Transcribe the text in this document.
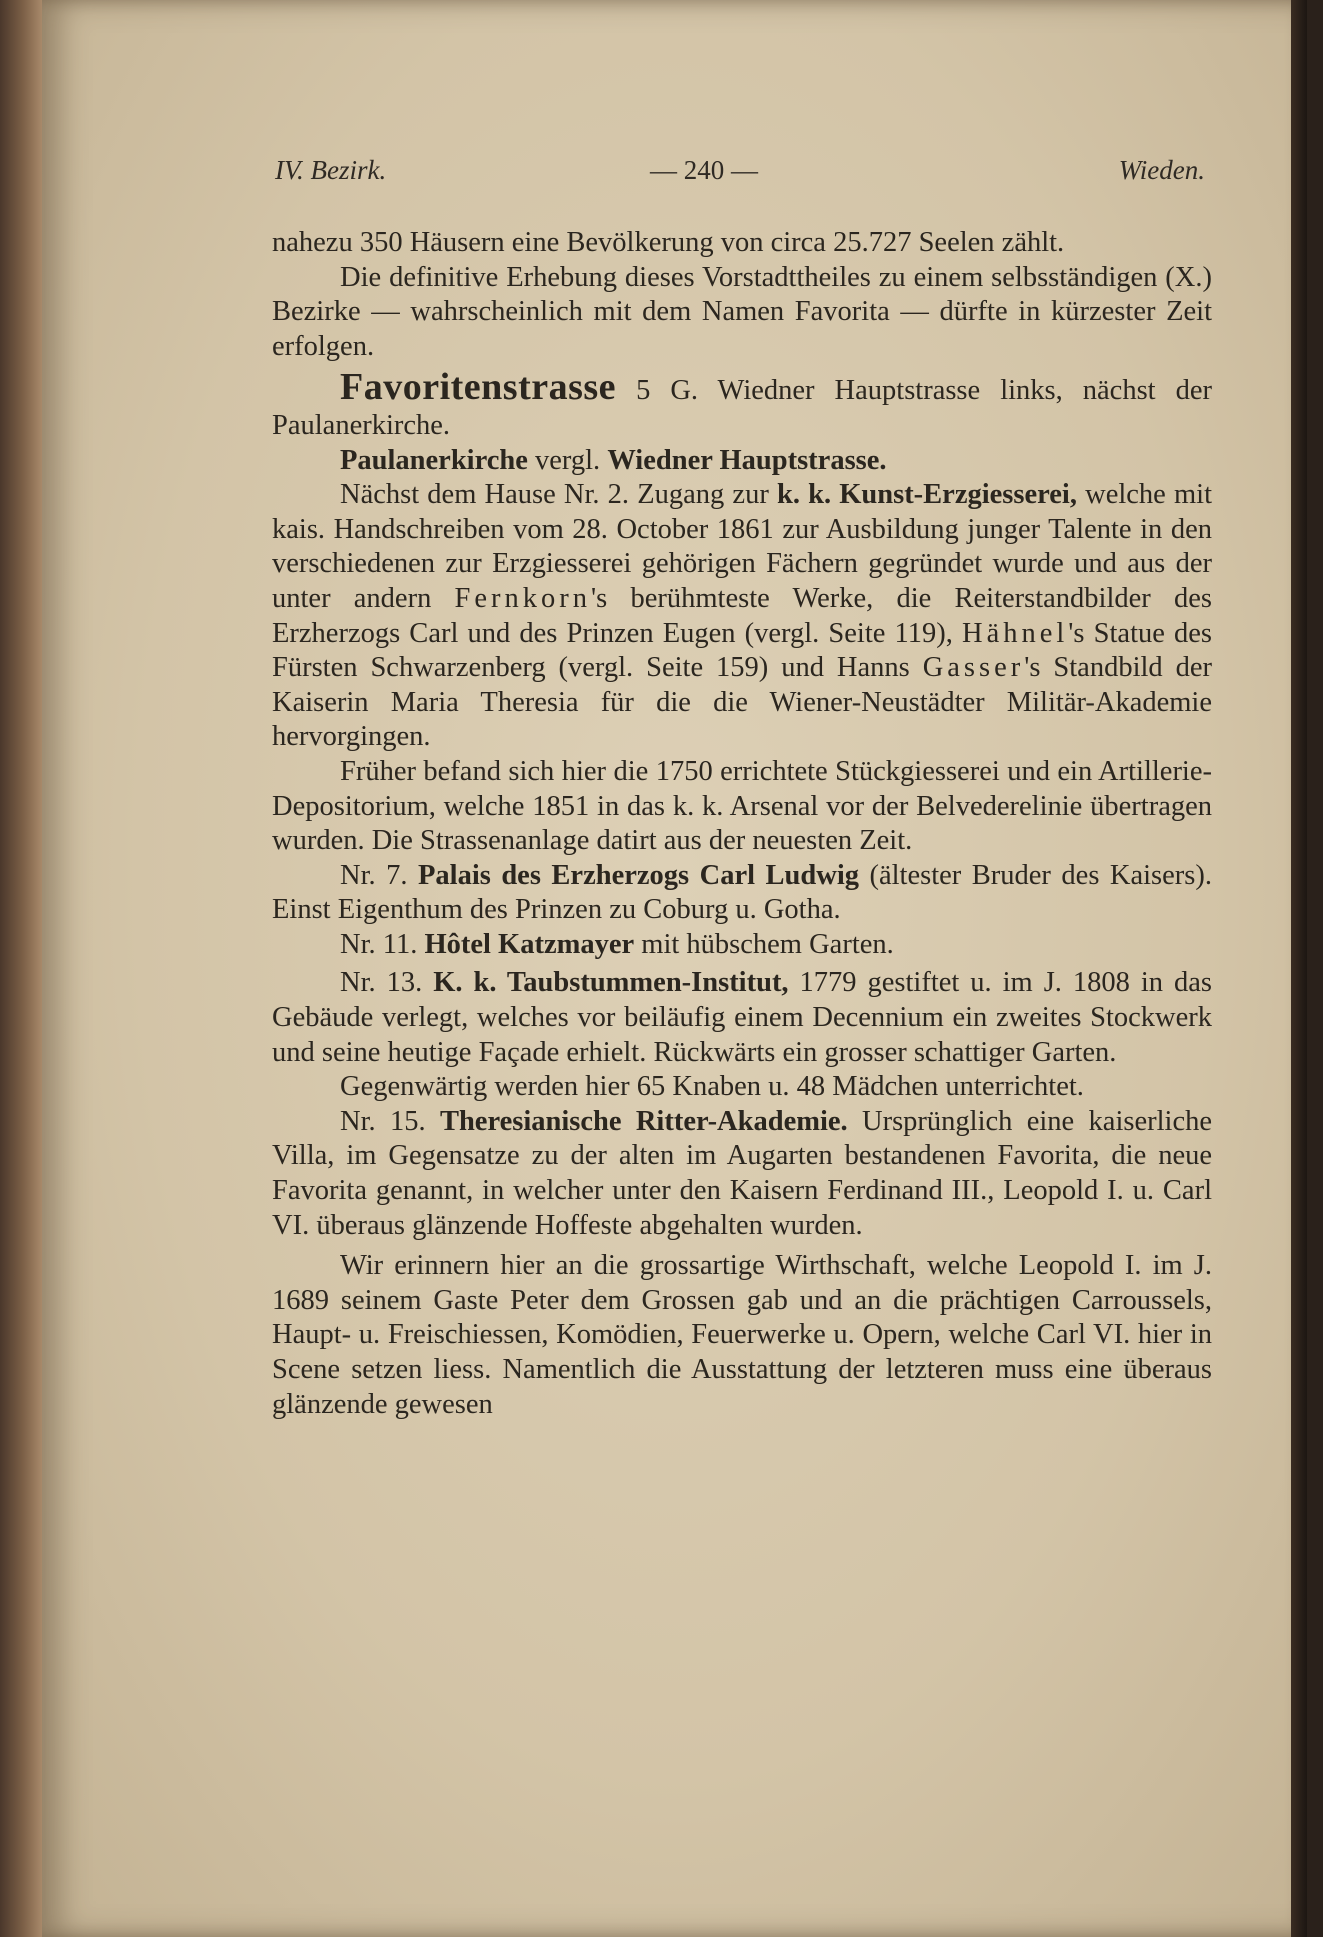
IV. Bezirk.	— 240 —	Wieden.

nahezu 350 Häusern eine Bevölkerung von circa 25.727 Seelen zählt.

Die definitive Erhebung dieses Vorstadttheiles zu einem selbsständigen (X.) Bezirke — wahrscheinlich mit dem Namen Favorita — dürfte in kürzester Zeit erfolgen.

Favoritenstrasse 5 G. Wiedner Hauptstrasse links, nächst der Paulanerkirche.

Paulanerkirche vergl. Wiedner Hauptstrasse.

Nächst dem Hause Nr. 2. Zugang zur k. k. Kunst-Erzgiesserei, welche mit kais. Handschreiben vom 28. October 1861 zur Ausbildung junger Talente in den verschiedenen zur Erzgiesserei gehörigen Fächern gegründet wurde und aus der unter andern Fernkorn's berühmteste Werke, die Reiterstandbilder des Erzherzogs Carl und des Prinzen Eugen (vergl. Seite 119), Hähnel's Statue des Fürsten Schwarzenberg (vergl. Seite 159) und Hanns Gasser's Standbild der Kaiserin Maria Theresia für die die Wiener-Neustädter Militär-Akademie hervorgingen.

Früher befand sich hier die 1750 errichtete Stückgiesserei und ein Artillerie-Depositorium, welche 1851 in das k. k. Arsenal vor der Belvederelinie übertragen wurden. Die Strassenanlage datirt aus der neuesten Zeit.

Nr. 7. Palais des Erzherzogs Carl Ludwig (ältester Bruder des Kaisers). Einst Eigenthum des Prinzen zu Coburg u. Gotha.

Nr. 11. Hôtel Katzmayer mit hübschem Garten.

Nr. 13. K. k. Taubstummen-Institut, 1779 gestiftet u. im J. 1808 in das Gebäude verlegt, welches vor beiläufig einem Decennium ein zweites Stockwerk und seine heutige Façade erhielt. Rückwärts ein grosser schattiger Garten.

Gegenwärtig werden hier 65 Knaben u. 48 Mädchen unterrichtet.

Nr. 15. Theresianische Ritter-Akademie. Ursprünglich eine kaiserliche Villa, im Gegensatze zu der alten im Augarten bestandenen Favorita, die neue Favorita genannt, in welcher unter den Kaisern Ferdinand III., Leopold I. u. Carl VI. überaus glänzende Hoffeste abgehalten wurden.

Wir erinnern hier an die grossartige Wirthschaft, welche Leopold I. im J. 1689 seinem Gaste Peter dem Grossen gab und an die prächtigen Carroussels, Haupt- u. Freischiessen, Komödien, Feuerwerke u. Opern, welche Carl VI. hier in Scene setzen liess. Namentlich die Ausstattung der letzteren muss eine überaus glänzende gewesen
